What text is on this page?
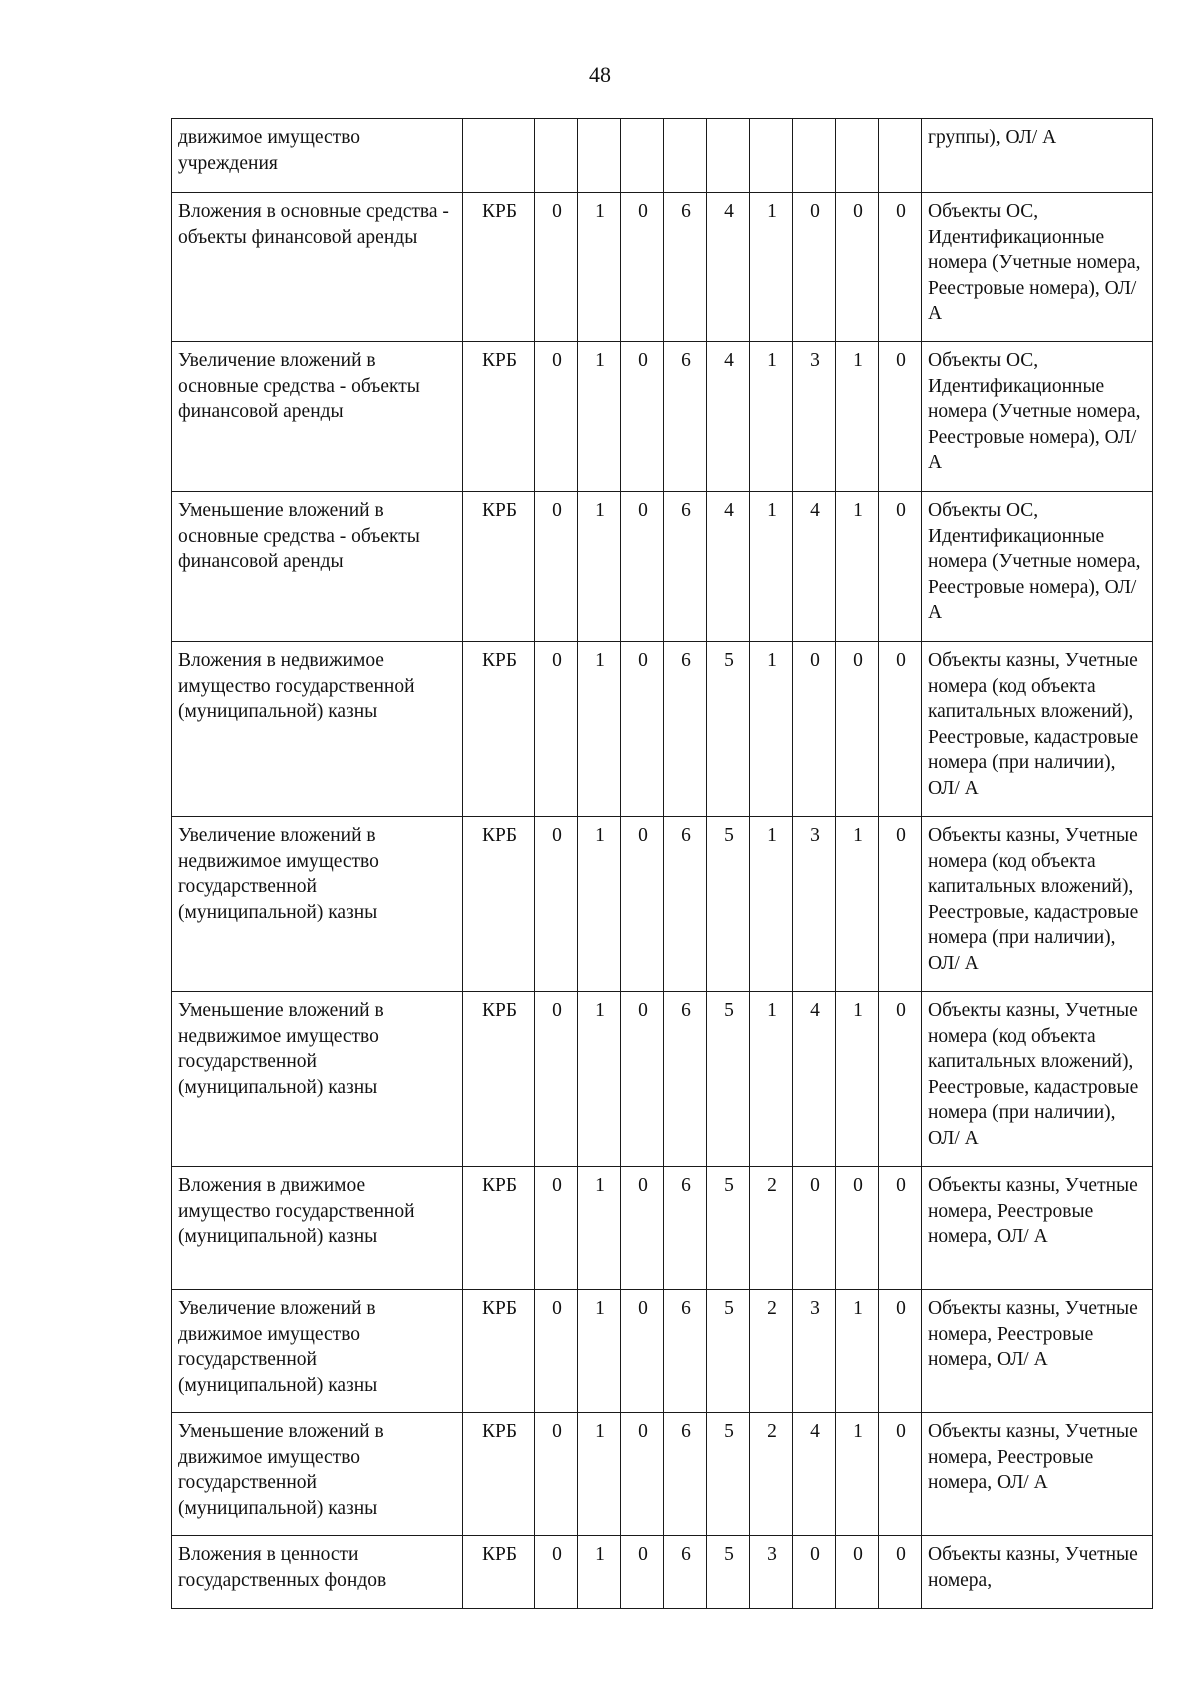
48
движимое имущество учреждения											группы), ОЛ/ А

Вложения в основные средства - объекты финансовой аренды	КРБ	0	1	0	6	4	1	0	0	0	Объекты ОС, Идентификационные номера (Учетные номера, Реестровые номера), ОЛ/ А

Увеличение вложений в основные средства - объекты финансовой аренды	КРБ	0	1	0	6	4	1	3	1	0	Объекты ОС, Идентификационные номера (Учетные номера, Реестровые номера), ОЛ/ А

Уменьшение вложений в основные средства - объекты финансовой аренды	КРБ	0	1	0	6	4	1	4	1	0	Объекты ОС, Идентификационные номера (Учетные номера, Реестровые номера), ОЛ/ А

Вложения в недвижимое имущество государственной (муниципальной) казны	КРБ	0	1	0	6	5	1	0	0	0	Объекты казны, Учетные номера (код объекта капитальных вложений), Реестровые, кадастровые номера (при наличии), ОЛ/ А

Увеличение вложений в недвижимое имущество государственной (муниципальной) казны	КРБ	0	1	0	6	5	1	3	1	0	Объекты казны, Учетные номера (код объекта капитальных вложений), Реестровые, кадастровые номера (при наличии), ОЛ/ А

Уменьшение вложений в недвижимое имущество государственной (муниципальной) казны	КРБ	0	1	0	6	5	1	4	1	0	Объекты казны, Учетные номера (код объекта капитальных вложений), Реестровые, кадастровые номера (при наличии), ОЛ/ А

Вложения в движимое имущество государственной (муниципальной) казны	КРБ	0	1	0	6	5	2	0	0	0	Объекты казны, Учетные номера, Реестровые номера, ОЛ/ А

Увеличение вложений в движимое имущество государственной (муниципальной) казны	КРБ	0	1	0	6	5	2	3	1	0	Объекты казны, Учетные номера, Реестровые номера, ОЛ/ А

Уменьшение вложений в движимое имущество государственной (муниципальной) казны	КРБ	0	1	0	6	5	2	4	1	0	Объекты казны, Учетные номера, Реестровые номера, ОЛ/ А

Вложения в ценности государственных фондов	КРБ	0	1	0	6	5	3	0	0	0	Объекты казны, Учетные номера,
